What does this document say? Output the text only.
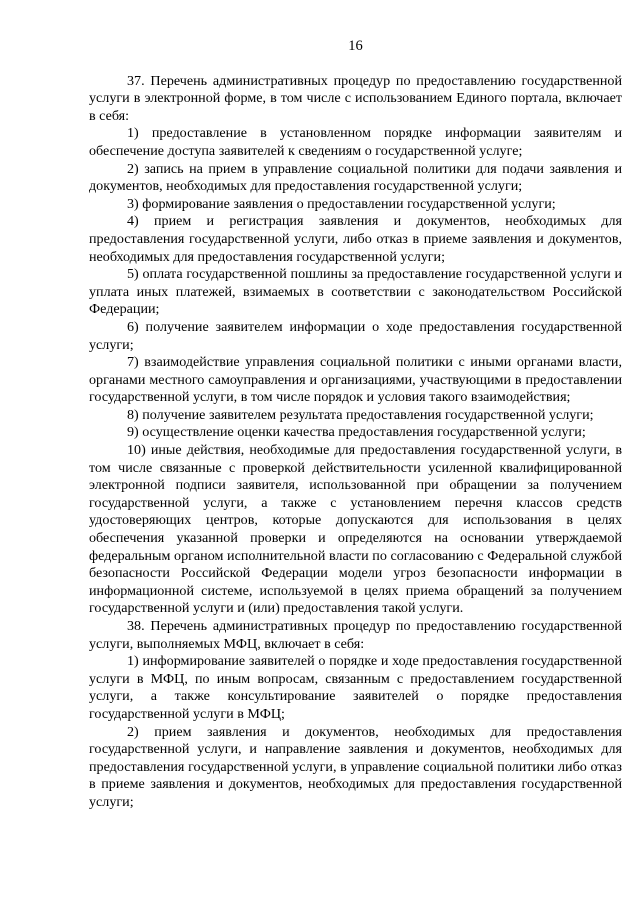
16

37. Перечень административных процедур по предоставлению государственной услуги в электронной форме, в том числе с использованием Единого портала, включает в себя:

1) предоставление в установленном порядке информации заявителям и обеспечение доступа заявителей к сведениям о государственной услуге;

2) запись на прием в управление социальной политики для подачи заявления и документов, необходимых для предоставления государственной услуги;

3) формирование заявления о предоставлении государственной услуги;

4) прием и регистрация заявления и документов, необходимых для предоставления государственной услуги, либо отказ в приеме заявления и документов, необходимых для предоставления государственной услуги;

5) оплата государственной пошлины за предоставление государственной услуги и уплата иных платежей, взимаемых в соответствии с законодательством Российской Федерации;

6) получение заявителем информации о ходе предоставления государственной услуги;

7) взаимодействие управления социальной политики с иными органами власти, органами местного самоуправления и организациями, участвующими в предоставлении государственной услуги, в том числе порядок и условия такого взаимодействия;

8) получение заявителем результата предоставления государственной услуги;

9) осуществление оценки качества предоставления государственной услуги;

10) иные действия, необходимые для предоставления государственной услуги, в том числе связанные с проверкой действительности усиленной квалифицированной электронной подписи заявителя, использованной при обращении за получением государственной услуги, а также с установлением перечня классов средств удостоверяющих центров, которые допускаются для использования в целях обеспечения указанной проверки и определяются на основании утверждаемой федеральным органом исполнительной власти по согласованию с Федеральной службой безопасности Российской Федерации модели угроз безопасности информации в информационной системе, используемой в целях приема обращений за получением государственной услуги и (или) предоставления такой услуги.

38. Перечень административных процедур по предоставлению государственной услуги, выполняемых МФЦ, включает в себя:

1) информирование заявителей о порядке и ходе предоставления государственной услуги в МФЦ, по иным вопросам, связанным с предоставлением государственной услуги, а также консультирование заявителей о порядке предоставления государственной услуги в МФЦ;

2) прием заявления и документов, необходимых для предоставления государственной услуги, и направление заявления и документов, необходимых для предоставления государственной услуги, в управление социальной политики либо отказ в приеме заявления и документов, необходимых для предоставления государственной услуги;
